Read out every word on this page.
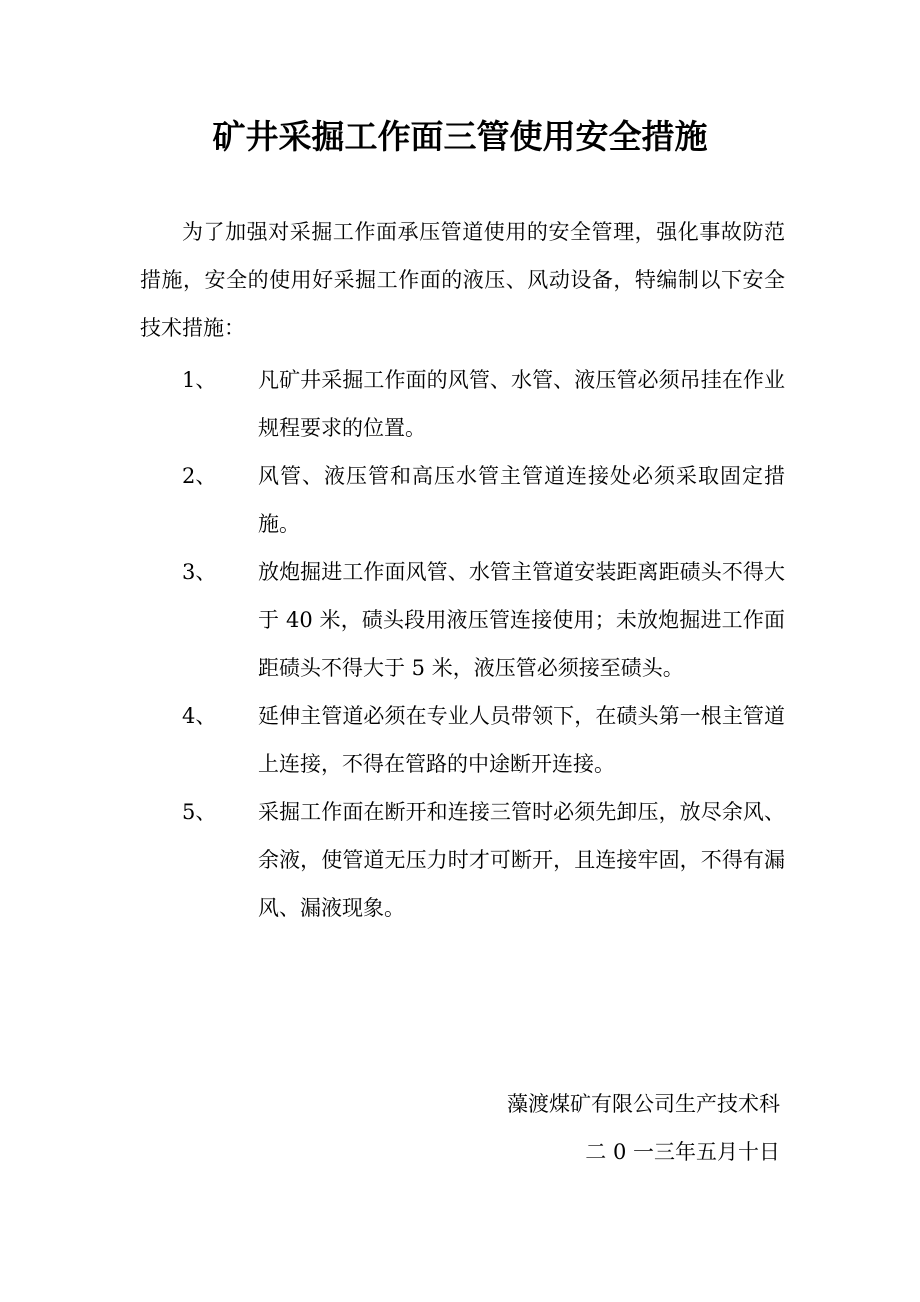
矿井采掘工作面三管使用安全措施
为了加强对采掘工作面承压管道使用的安全管理，强化事故防范措施，安全的使用好采掘工作面的液压、风动设备，特编制以下安全技术措施：
1、 凡矿井采掘工作面的风管、水管、液压管必须吊挂在作业规程要求的位置。
2、 风管、液压管和高压水管主管道连接处必须采取固定措施。
3、 放炮掘进工作面风管、水管主管道安装距离距碛头不得大于 40 米，碛头段用液压管连接使用；未放炮掘进工作面距碛头不得大于 5 米，液压管必须接至碛头。
4、 延伸主管道必须在专业人员带领下，在碛头第一根主管道上连接，不得在管路的中途断开连接。
5、 采掘工作面在断开和连接三管时必须先卸压，放尽余风、余液，使管道无压力时才可断开，且连接牢固，不得有漏风、漏液现象。
藻渡煤矿有限公司生产技术科
二 0 一三年五月十日
